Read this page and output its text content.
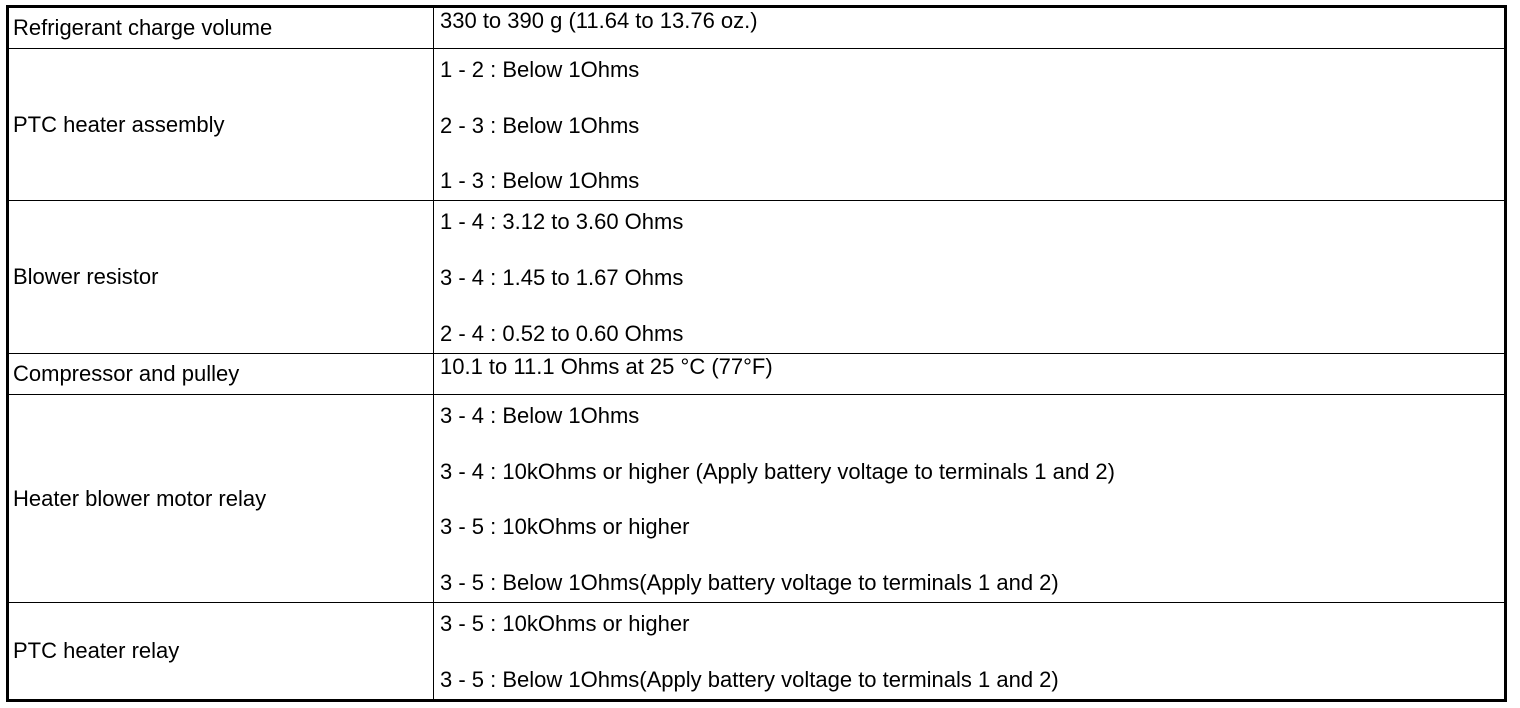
Refrigerant charge volume	330 to 390 g (11.64 to 13.76 oz.)

PTC heater assembly	1 - 2 : Below 1Ohms
2 - 3 : Below 1Ohms
1 - 3 : Below 1Ohms

Blower resistor	1 - 4 : 3.12 to 3.60 Ohms
3 - 4 : 1.45 to 1.67 Ohms
2 - 4 : 0.52 to 0.60 Ohms

Compressor and pulley	10.1 to 11.1 Ohms at 25 °C (77°F)

Heater blower motor relay	3 - 4 : Below 1Ohms
3 - 4 : 10kOhms or higher (Apply battery voltage to terminals 1 and 2)
3 - 5 : 10kOhms or higher
3 - 5 : Below 1Ohms(Apply battery voltage to terminals 1 and 2)

PTC heater relay	3 - 5 : 10kOhms or higher
3 - 5 : Below 1Ohms(Apply battery voltage to terminals 1 and 2)
